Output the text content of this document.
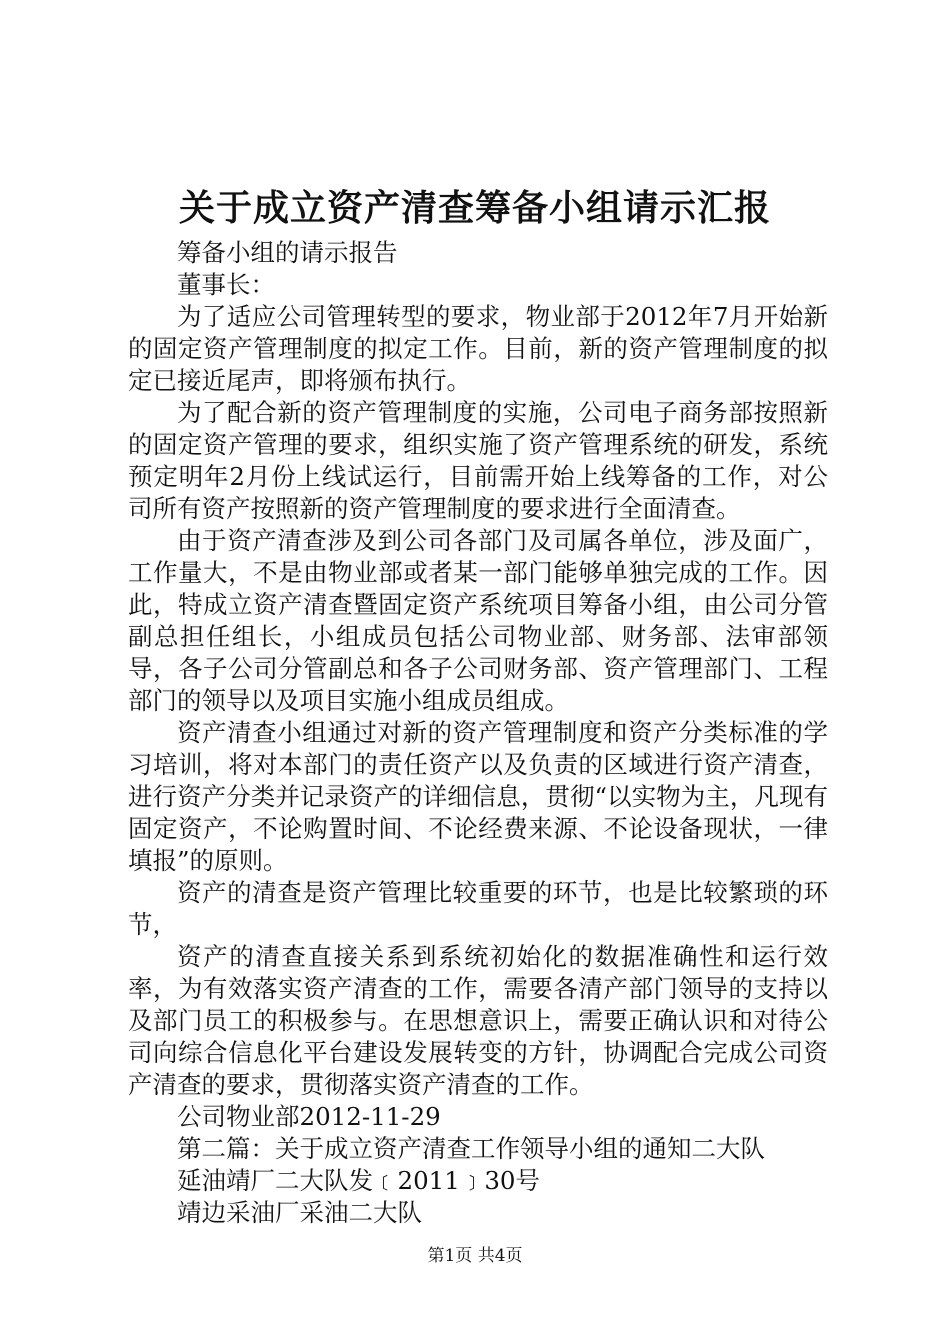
关于成立资产清查筹备小组请示汇报

筹备小组的请示报告

董事长：

为了适应公司管理转型的要求，物业部于2012年7月开始新的固定资产管理制度的拟定工作。目前，新的资产管理制度的拟定已接近尾声，即将颁布执行。

为了配合新的资产管理制度的实施，公司电子商务部按照新的固定资产管理的要求，组织实施了资产管理系统的研发，系统预定明年2月份上线试运行，目前需开始上线筹备的工作，对公司所有资产按照新的资产管理制度的要求进行全面清查。

由于资产清查涉及到公司各部门及司属各单位，涉及面广，工作量大，不是由物业部或者某一部门能够单独完成的工作。因此，特成立资产清查暨固定资产系统项目筹备小组，由公司分管副总担任组长，小组成员包括公司物业部、财务部、法审部领导，各子公司分管副总和各子公司财务部、资产管理部门、工程部门的领导以及项目实施小组成员组成。

资产清查小组通过对新的资产管理制度和资产分类标准的学习培训，将对本部门的责任资产以及负责的区域进行资产清查，进行资产分类并记录资产的详细信息，贯彻“以实物为主，凡现有固定资产，不论购置时间、不论经费来源、不论设备现状，一律填报”的原则。

资产的清查是资产管理比较重要的环节，也是比较繁琐的环节，

资产的清查直接关系到系统初始化的数据准确性和运行效率，为有效落实资产清查的工作，需要各清产部门领导的支持以及部门员工的积极参与。在思想意识上，需要正确认识和对待公司向综合信息化平台建设发展转变的方针，协调配合完成公司资产清查的要求，贯彻落实资产清查的工作。

公司物业部2012-11-29

第二篇：关于成立资产清查工作领导小组的通知二大队

延油靖厂二大队发﹝2011﹞30号

靖边采油厂采油二大队

第1页 共4页
